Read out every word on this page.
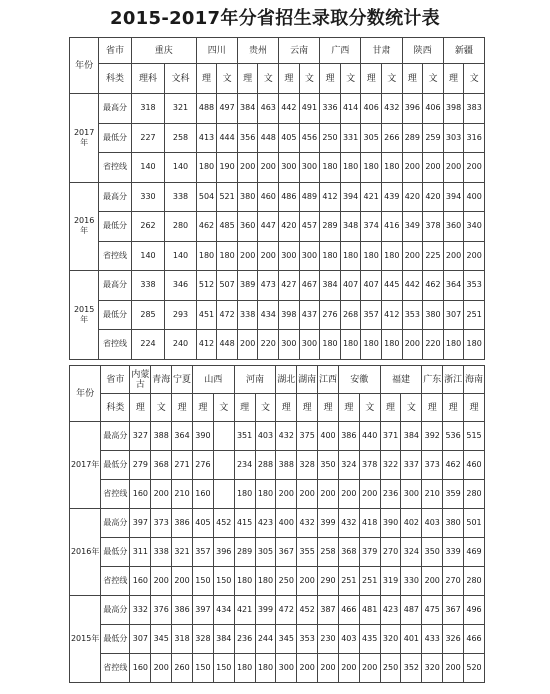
2015-2017年分省招生录取分数统计表
年份	省市	重庆		四川		贵州		云南		广西		甘肃		陕西		新疆	
	科类	理科	文科	理	文	理	文	理	文	理	文	理	文	理	文	理	文
2017年	最高分	318	321	488	497	384	463	442	491	336	414	406	432	396	406	398	383
	最低分	227	258	413	444	356	448	405	456	250	331	305	266	289	259	303	316
	省控线	140	140	180	190	200	200	300	300	180	180	180	180	200	200	200	200
2016年	最高分	330	338	504	521	380	460	486	489	412	394	421	439	420	420	394	400
	最低分	262	280	462	485	360	447	420	457	289	348	374	416	349	378	360	340
	省控线	140	140	180	180	200	200	300	300	180	180	180	180	200	225	200	200
2015年	最高分	338	346	512	507	389	473	427	467	384	407	407	445	442	462	364	353
	最低分	285	293	451	472	338	434	398	437	276	268	357	412	353	380	307	251
	省控线	224	240	412	448	200	220	300	300	180	180	180	180	200	220	180	180
年份	省市	内蒙古	青海	宁夏	山西		河南		湖北	湖南	江西	安徽		福建		广东	浙江	海南
	科类	理	文	理	理	文	理	文	理	理	理	理	文	理	文	理	理	理
2017年	最高分	327	388	364	390		351	403	432	375	400	386	440	371	384	392	536	515
	最低分	279	368	271	276		234	288	388	328	350	324	378	322	337	373	462	460
	省控线	160	200	210	160		180	180	200	200	200	200	200	236	300	210	359	280
2016年	最高分	397	373	386	405	452	415	423	400	432	399	432	418	390	402	403	380	501
	最低分	311	338	321	357	396	289	305	367	355	258	368	379	270	324	350	339	469
	省控线	160	200	200	150	150	180	180	250	200	290	251	251	319	330	200	270	280
2015年	最高分	332	376	386	397	434	421	399	472	452	387	466	481	423	487	475	367	496
	最低分	307	345	318	328	384	236	244	345	353	230	403	435	320	401	433	326	466
	省控线	160	200	260	150	150	180	180	300	200	200	200	200	250	352	320	200	520
